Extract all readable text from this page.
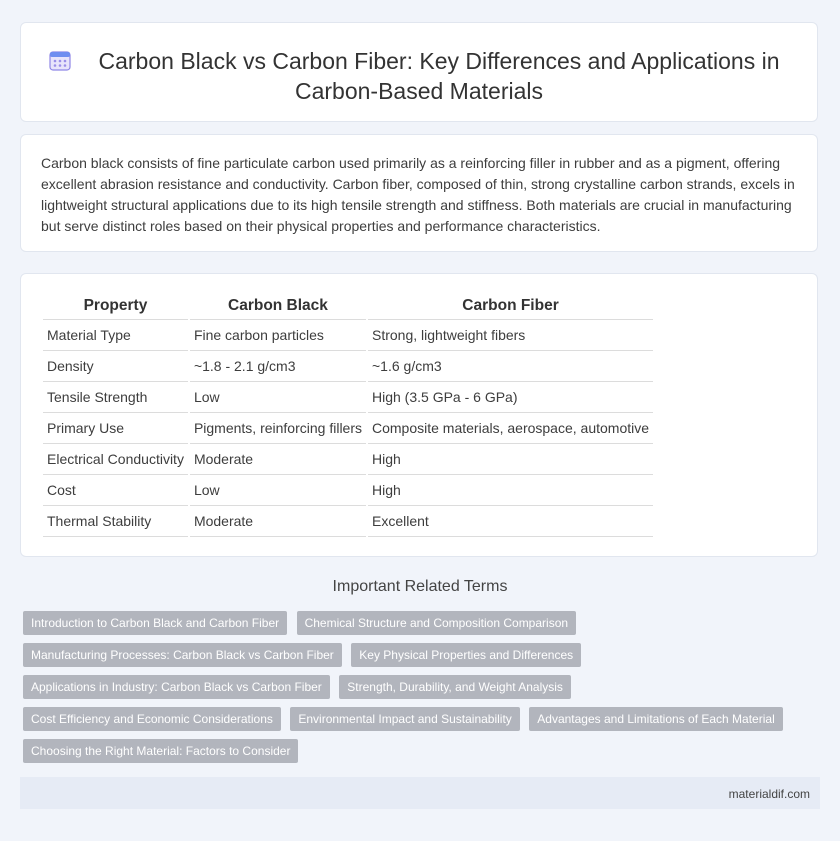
Carbon Black vs Carbon Fiber: Key Differences and Applications in
Carbon-Based Materials
Carbon black consists of fine particulate carbon used primarily as a reinforcing filler in rubber and as a pigment, offering excellent abrasion resistance and conductivity. Carbon fiber, composed of thin, strong crystalline carbon strands, excels in lightweight structural applications due to its high tensile strength and stiffness. Both materials are crucial in manufacturing but serve distinct roles based on their physical properties and performance characteristics.
Property	Carbon Black	Carbon Fiber
Material Type	Fine carbon particles	Strong, lightweight fibers
Density	~1.8 - 2.1 g/cm3	~1.6 g/cm3
Tensile Strength	Low	High (3.5 GPa - 6 GPa)
Primary Use	Pigments, reinforcing fillers	Composite materials, aerospace, automotive
Electrical Conductivity	Moderate	High
Cost	Low	High
Thermal Stability	Moderate	Excellent
Important Related Terms
Introduction to Carbon Black and Carbon Fiber Chemical Structure and Composition Comparison Manufacturing Processes: Carbon Black vs Carbon Fiber Key Physical Properties and Differences Applications in Industry: Carbon Black vs Carbon Fiber Strength, Durability, and Weight Analysis Cost Efficiency and Economic Considerations Environmental Impact and Sustainability Advantages and Limitations of Each Material Choosing the Right Material: Factors to Consider
materialdif.com
